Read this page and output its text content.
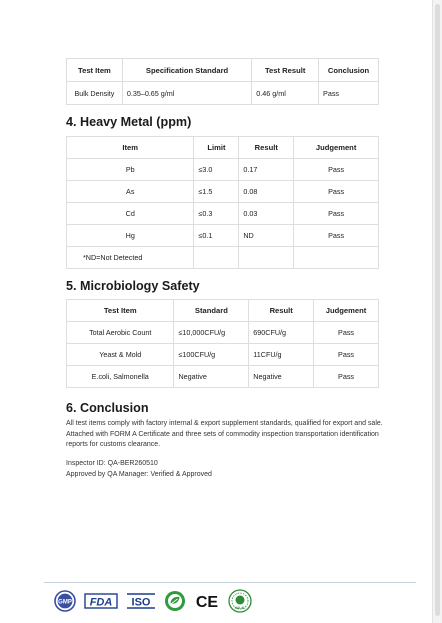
Test Item	Specification Standard	Test Result	Conclusion
Bulk Density	0.35–0.65 g/ml	0.46 g/ml	Pass
4. Heavy Metal (ppm)
Item	Limit	Result	Judgement
Pb	≤3.0	0.17	Pass
As	≤1.5	0.08	Pass
Cd	≤0.3	0.03	Pass
Hg	≤0.1	ND	Pass
*ND=Not Detected			
5. Microbiology Safety
Test Item	Standard	Result	Judgement
Total Aerobic Count	≤10,000CFU/g	690CFU/g	Pass
Yeast & Mold	≤100CFU/g	11CFU/g	Pass
E.coli, Salmonella	Negative	Negative	Pass
6. Conclusion

All test items comply with factory internal & export supplement standards, qualified for export and sale. Attached with FORM A Certificate and three sets of commodity inspection transportation identification reports for customs clearance.

Inspector ID: QA-BER260510

Approved by QA Manager: Verified & Approved

GMP FDA ISO	CE	HALAL
